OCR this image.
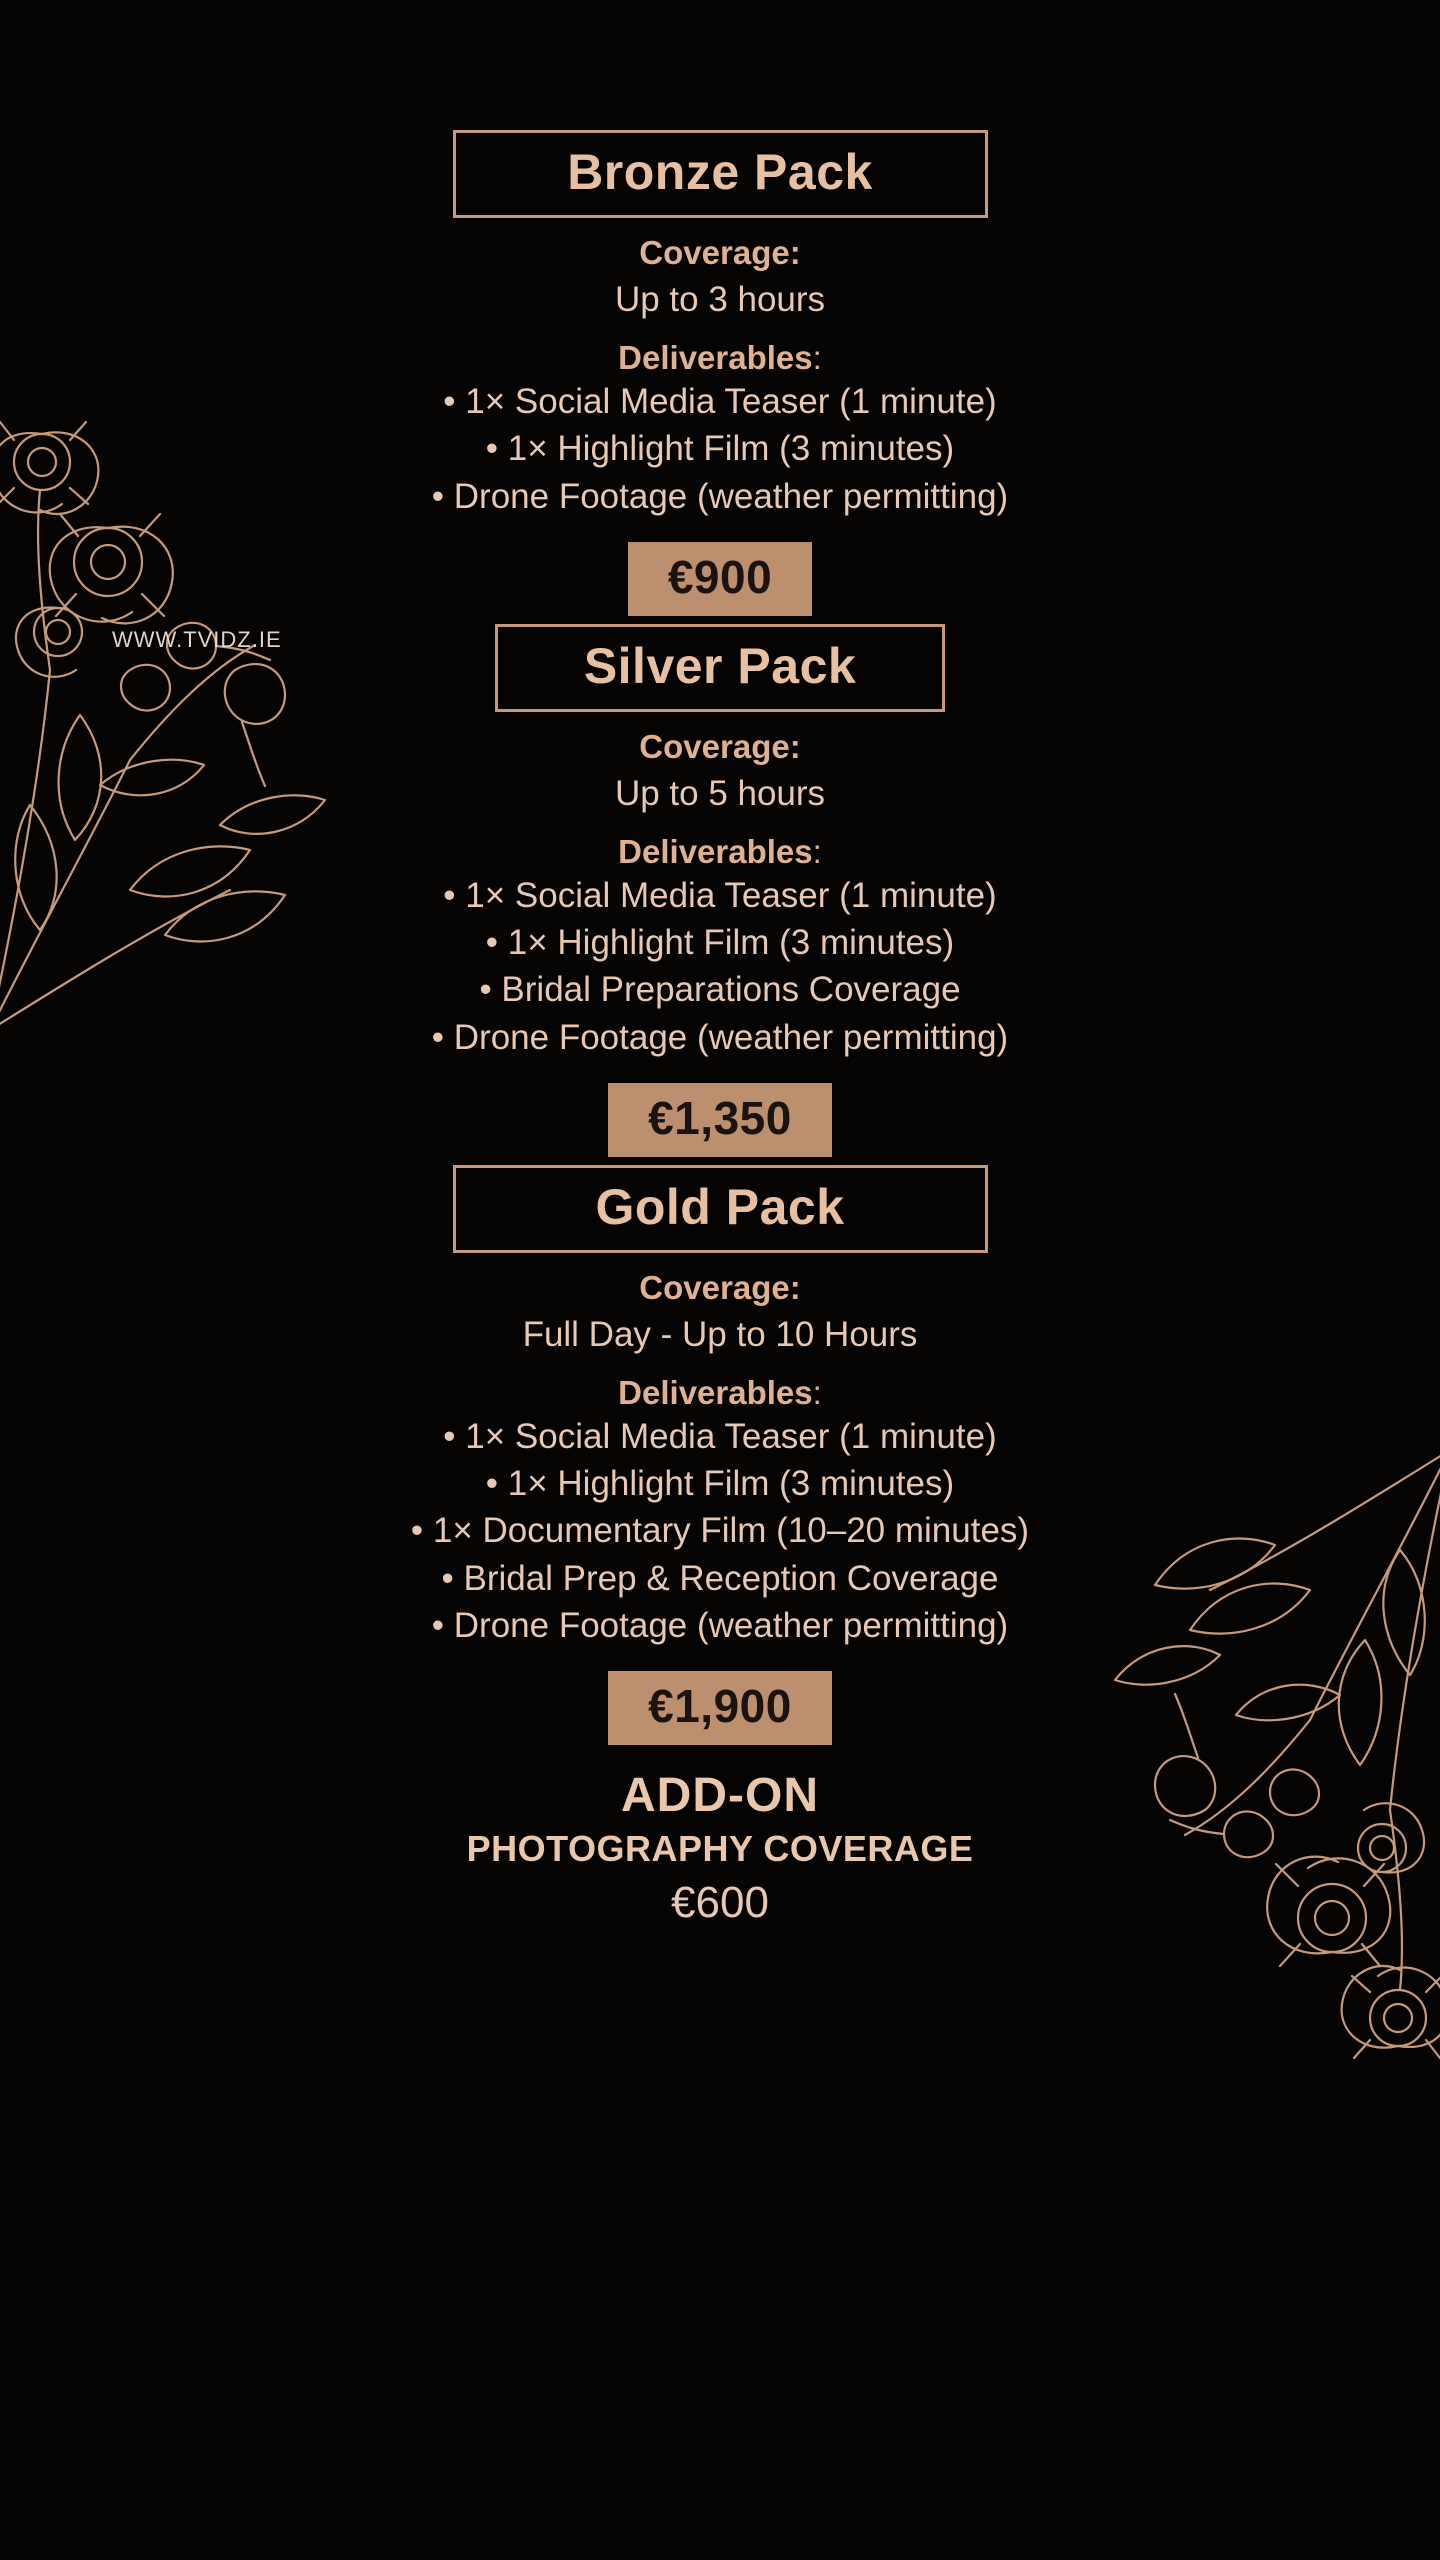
WWW.TVIDZ.IE
Bronze Pack
Coverage:
Up to 3 hours
Deliverables:
• 1× Social Media Teaser (1 minute)
• 1× Highlight Film (3 minutes)
• Drone Footage (weather permitting)
€900
Silver Pack
Coverage:
Up to 5 hours
Deliverables:
• 1× Social Media Teaser (1 minute)
• 1× Highlight Film (3 minutes)
• Bridal Preparations Coverage
• Drone Footage (weather permitting)
€1,350
Gold Pack
Coverage:
Full Day - Up to 10 Hours
Deliverables:
• 1× Social Media Teaser (1 minute)
• 1× Highlight Film (3 minutes)
• 1× Documentary Film (10–20 minutes)
• Bridal Prep & Reception Coverage
• Drone Footage (weather permitting)
€1,900
ADD-ON
PHOTOGRAPHY COVERAGE
€600
